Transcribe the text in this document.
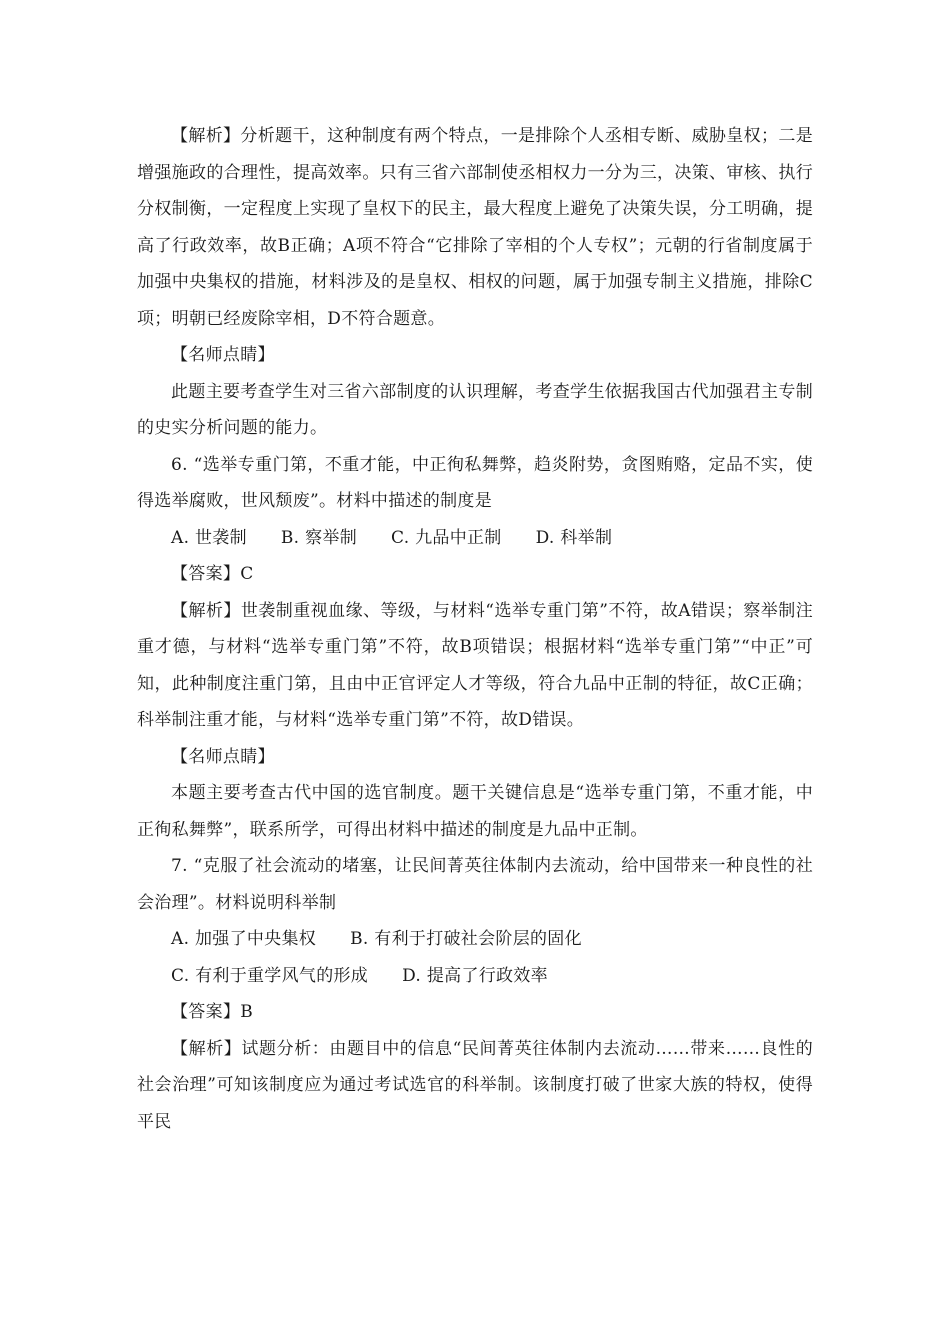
【解析】分析题干，这种制度有两个特点，一是排除个人丞相专断、威胁皇权；二是增强施政的合理性，提高效率。只有三省六部制使丞相权力一分为三，决策、审核、执行分权制衡，一定程度上实现了皇权下的民主，最大程度上避免了决策失误，分工明确，提高了行政效率，故B正确；A项不符合“它排除了宰相的个人专权”；元朝的行省制度属于加强中央集权的措施，材料涉及的是皇权、相权的问题，属于加强专制主义措施，排除C项；明朝已经废除宰相，D不符合题意。

【名师点睛】

此题主要考查学生对三省六部制度的认识理解，考查学生依据我国古代加强君主专制的史实分析问题的能力。

6. “选举专重门第，不重才能，中正徇私舞弊，趋炎附势，贪图贿赂，定品不实，使得选举腐败，世风颓废”。材料中描述的制度是

A. 世袭制 B. 察举制 C. 九品中正制 D. 科举制

【答案】C

【解析】世袭制重视血缘、等级，与材料“选举专重门第”不符，故A错误；察举制注重才德，与材料“选举专重门第”不符，故B项错误；根据材料“选举专重门第”“中正”可知，此种制度注重门第，且由中正官评定人才等级，符合九品中正制的特征，故C正确；科举制注重才能，与材料“选举专重门第”不符，故D错误。

【名师点睛】

本题主要考查古代中国的选官制度。题干关键信息是“选举专重门第，不重才能，中正徇私舞弊”，联系所学，可得出材料中描述的制度是九品中正制。

7. “克服了社会流动的堵塞，让民间菁英往体制内去流动，给中国带来一种良性的社会治理”。材料说明科举制

A. 加强了中央集权 B. 有利于打破社会阶层的固化
C. 有利于重学风气的形成 D. 提高了行政效率

【答案】B

【解析】试题分析：由题目中的信息“民间菁英往体制内去流动……带来……良性的社会治理”可知该制度应为通过考试选官的科举制。该制度打破了世家大族的特权，使得平民
